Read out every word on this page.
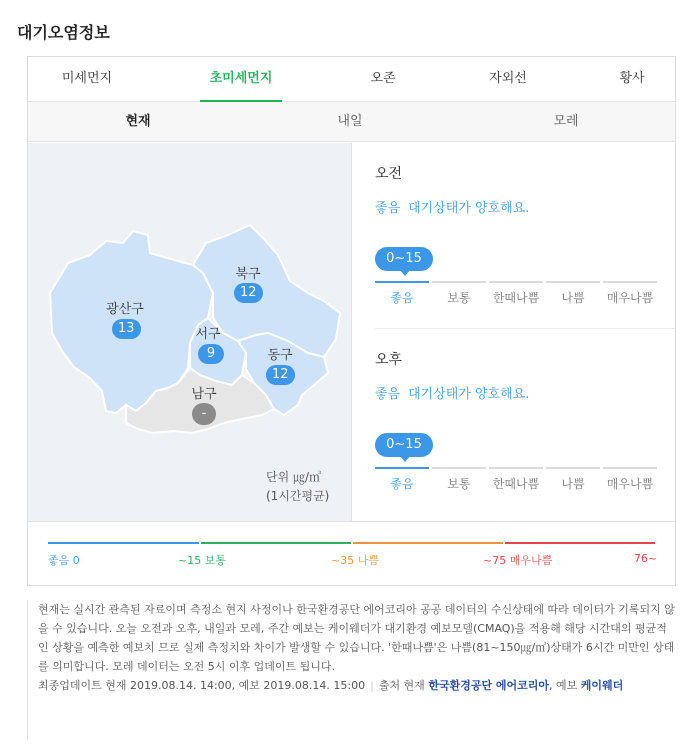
대기오염정보
미세먼지	초미세먼지	오존	자외선	황사
현재	내일	모레
광산구
13
북구
12
서구
9	동구
12
남구
-
단위 ㎍/㎥
(1시간평균)
오전
좋음 대기상태가 양호해요.
0~15
좋음	보통	한때나쁨	나쁨	매우나쁨
오후
좋음 대기상태가 양호해요.
0~15
좋음	보통	한때나쁨	나쁨	매우나쁨
좋음 0	~15 보통	~35 나쁨	~75 매우나쁨	76~
현재는 실시간 관측된 자료이며 측정소 현지 사정이나 한국환경공단 에어코리아 공공 데이터의 수신상태에 따라 데이터가 기록되지 않을 수 있습니다. 오늘 오전과 오후, 내일과 모레, 주간 예보는 케이웨더가 대기환경 예보모델(CMAQ)을 적용해 해당 시간대의 평균적인 상황을 예측한 예보치 므로 실제 측정치와 차이가 발생할 수 있습니다. '한때나쁨'은 나쁨(81~150㎍/㎥)상태가 6시간 미만인 상태를 의미합니다. 모레 데이터는 오전 5시 이후 업데이트 됩니다.
최종업데이트 현재 2019.08.14. 14:00, 예보 2019.08.14. 15:00 | 출처 현재 한국환경공단 에어코리아, 예보 케이웨더
